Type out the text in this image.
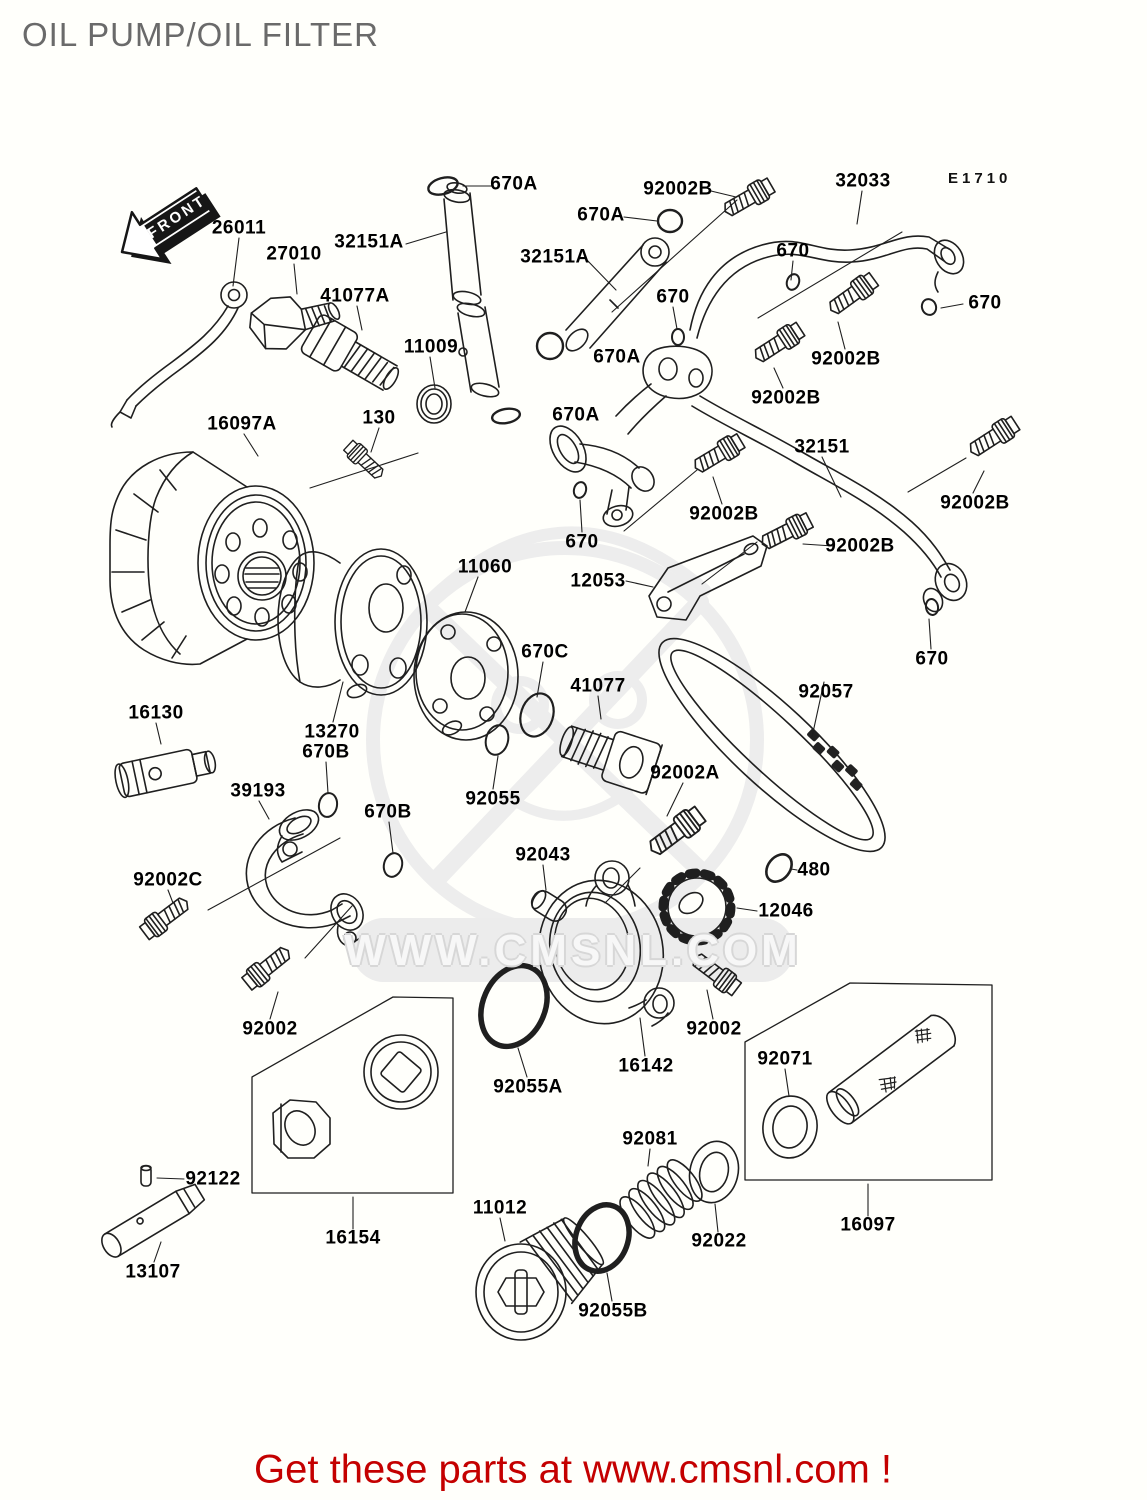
OIL PUMP/OIL FILTER
E1710
FRONT
WWW.CMSNL.COM
26011
27010
32151A
670A
670A
92002B	32033
32151A	670
670
670
41077A
11009	670A	92002B
92002B
670A
130
16097A
32151
92002B
92002B
92002B
670
12053
11060
670
92057
670C
41077
16130
13270
670B
39193
670B
92055
92002A
92043
480
92002C
12046
92002	92002
16142
92055A
92071
92122
16154
11012
92081
92022
16097
13107
92055B
Get these parts at www.cmsnl.com !
